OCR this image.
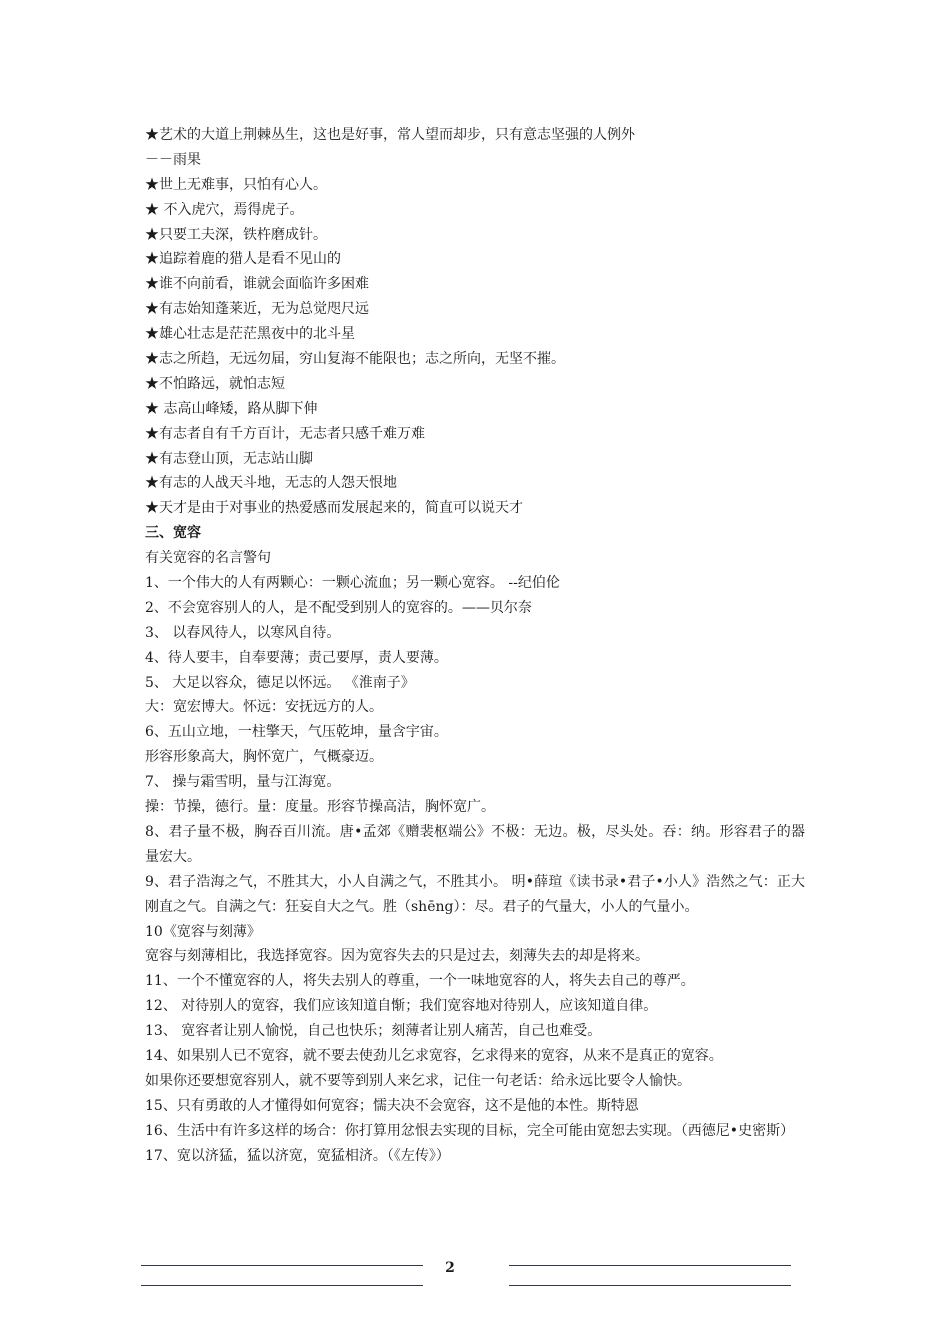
★艺术的大道上荆棘丛生，这也是好事，常人望而却步，只有意志坚强的人例外
－－雨果
★世上无难事，只怕有心人。
★ 不入虎穴，焉得虎子。
★只要工夫深，铁杵磨成针。
★追踪着鹿的猎人是看不见山的
★谁不向前看，谁就会面临许多困难
★有志始知蓬莱近，无为总觉咫尺远
★雄心壮志是茫茫黑夜中的北斗星
★志之所趋，无远勿届，穷山复海不能限也；志之所向，无坚不摧。
★不怕路远，就怕志短
★ 志高山峰矮，路从脚下伸
★有志者自有千方百计，无志者只感千难万难
★有志登山顶，无志站山脚
★有志的人战天斗地，无志的人怨天恨地
★天才是由于对事业的热爱感而发展起来的，简直可以说天才
三、宽容
有关宽容的名言警句
1、一个伟大的人有两颗心：一颗心流血；另一颗心宽容。 --纪伯伦
2、不会宽容别人的人，是不配受到别人的宽容的。——贝尔奈
3、 以春风待人，以寒风自待。
4、待人要丰，自奉要薄；责己要厚，责人要薄。
5、 大足以容众，德足以怀远。 《淮南子》
大：宽宏博大。怀远：安抚远方的人。
6、五山立地，一柱擎天，气压乾坤，量含宇宙。
形容形象高大，胸怀宽广，气概豪迈。
7、 操与霜雪明，量与江海宽。
操：节操，德行。量：度量。形容节操高洁，胸怀宽广。
8、君子量不极，胸吞百川流。唐•孟郊《赠裴枢端公》不极：无边。极，尽头处。吞：纳。形容君子的器量宏大。
9、君子浩海之气，不胜其大，小人自满之气，不胜其小。 明•薛瑄《读书录•君子•小人》浩然之气：正大刚直之气。自满之气：狂妄自大之气。胜（shēng）：尽。君子的气量大，小人的气量小。
10《宽容与刻薄》
宽容与刻薄相比，我选择宽容。因为宽容失去的只是过去，刻薄失去的却是将来。
11、一个不懂宽容的人，将失去别人的尊重，一个一味地宽容的人，将失去自己的尊严。
12、 对待别人的宽容，我们应该知道自惭；我们宽容地对待别人，应该知道自律。
13、 宽容者让别人愉悦，自己也快乐；刻薄者让别人痛苦，自己也难受。
14、如果别人已不宽容，就不要去使劲儿乞求宽容，乞求得来的宽容，从来不是真正的宽容。
如果你还要想宽容别人，就不要等到别人来乞求，记住一句老话：给永远比要令人愉快。
15、只有勇敢的人才懂得如何宽容；懦夫决不会宽容，这不是他的本性。斯特恩
16、生活中有许多这样的场合：你打算用忿恨去实现的目标，完全可能由宽恕去实现。（西德尼•史密斯）
17、宽以济猛，猛以济宽，宽猛相济。（《左传》）
2
